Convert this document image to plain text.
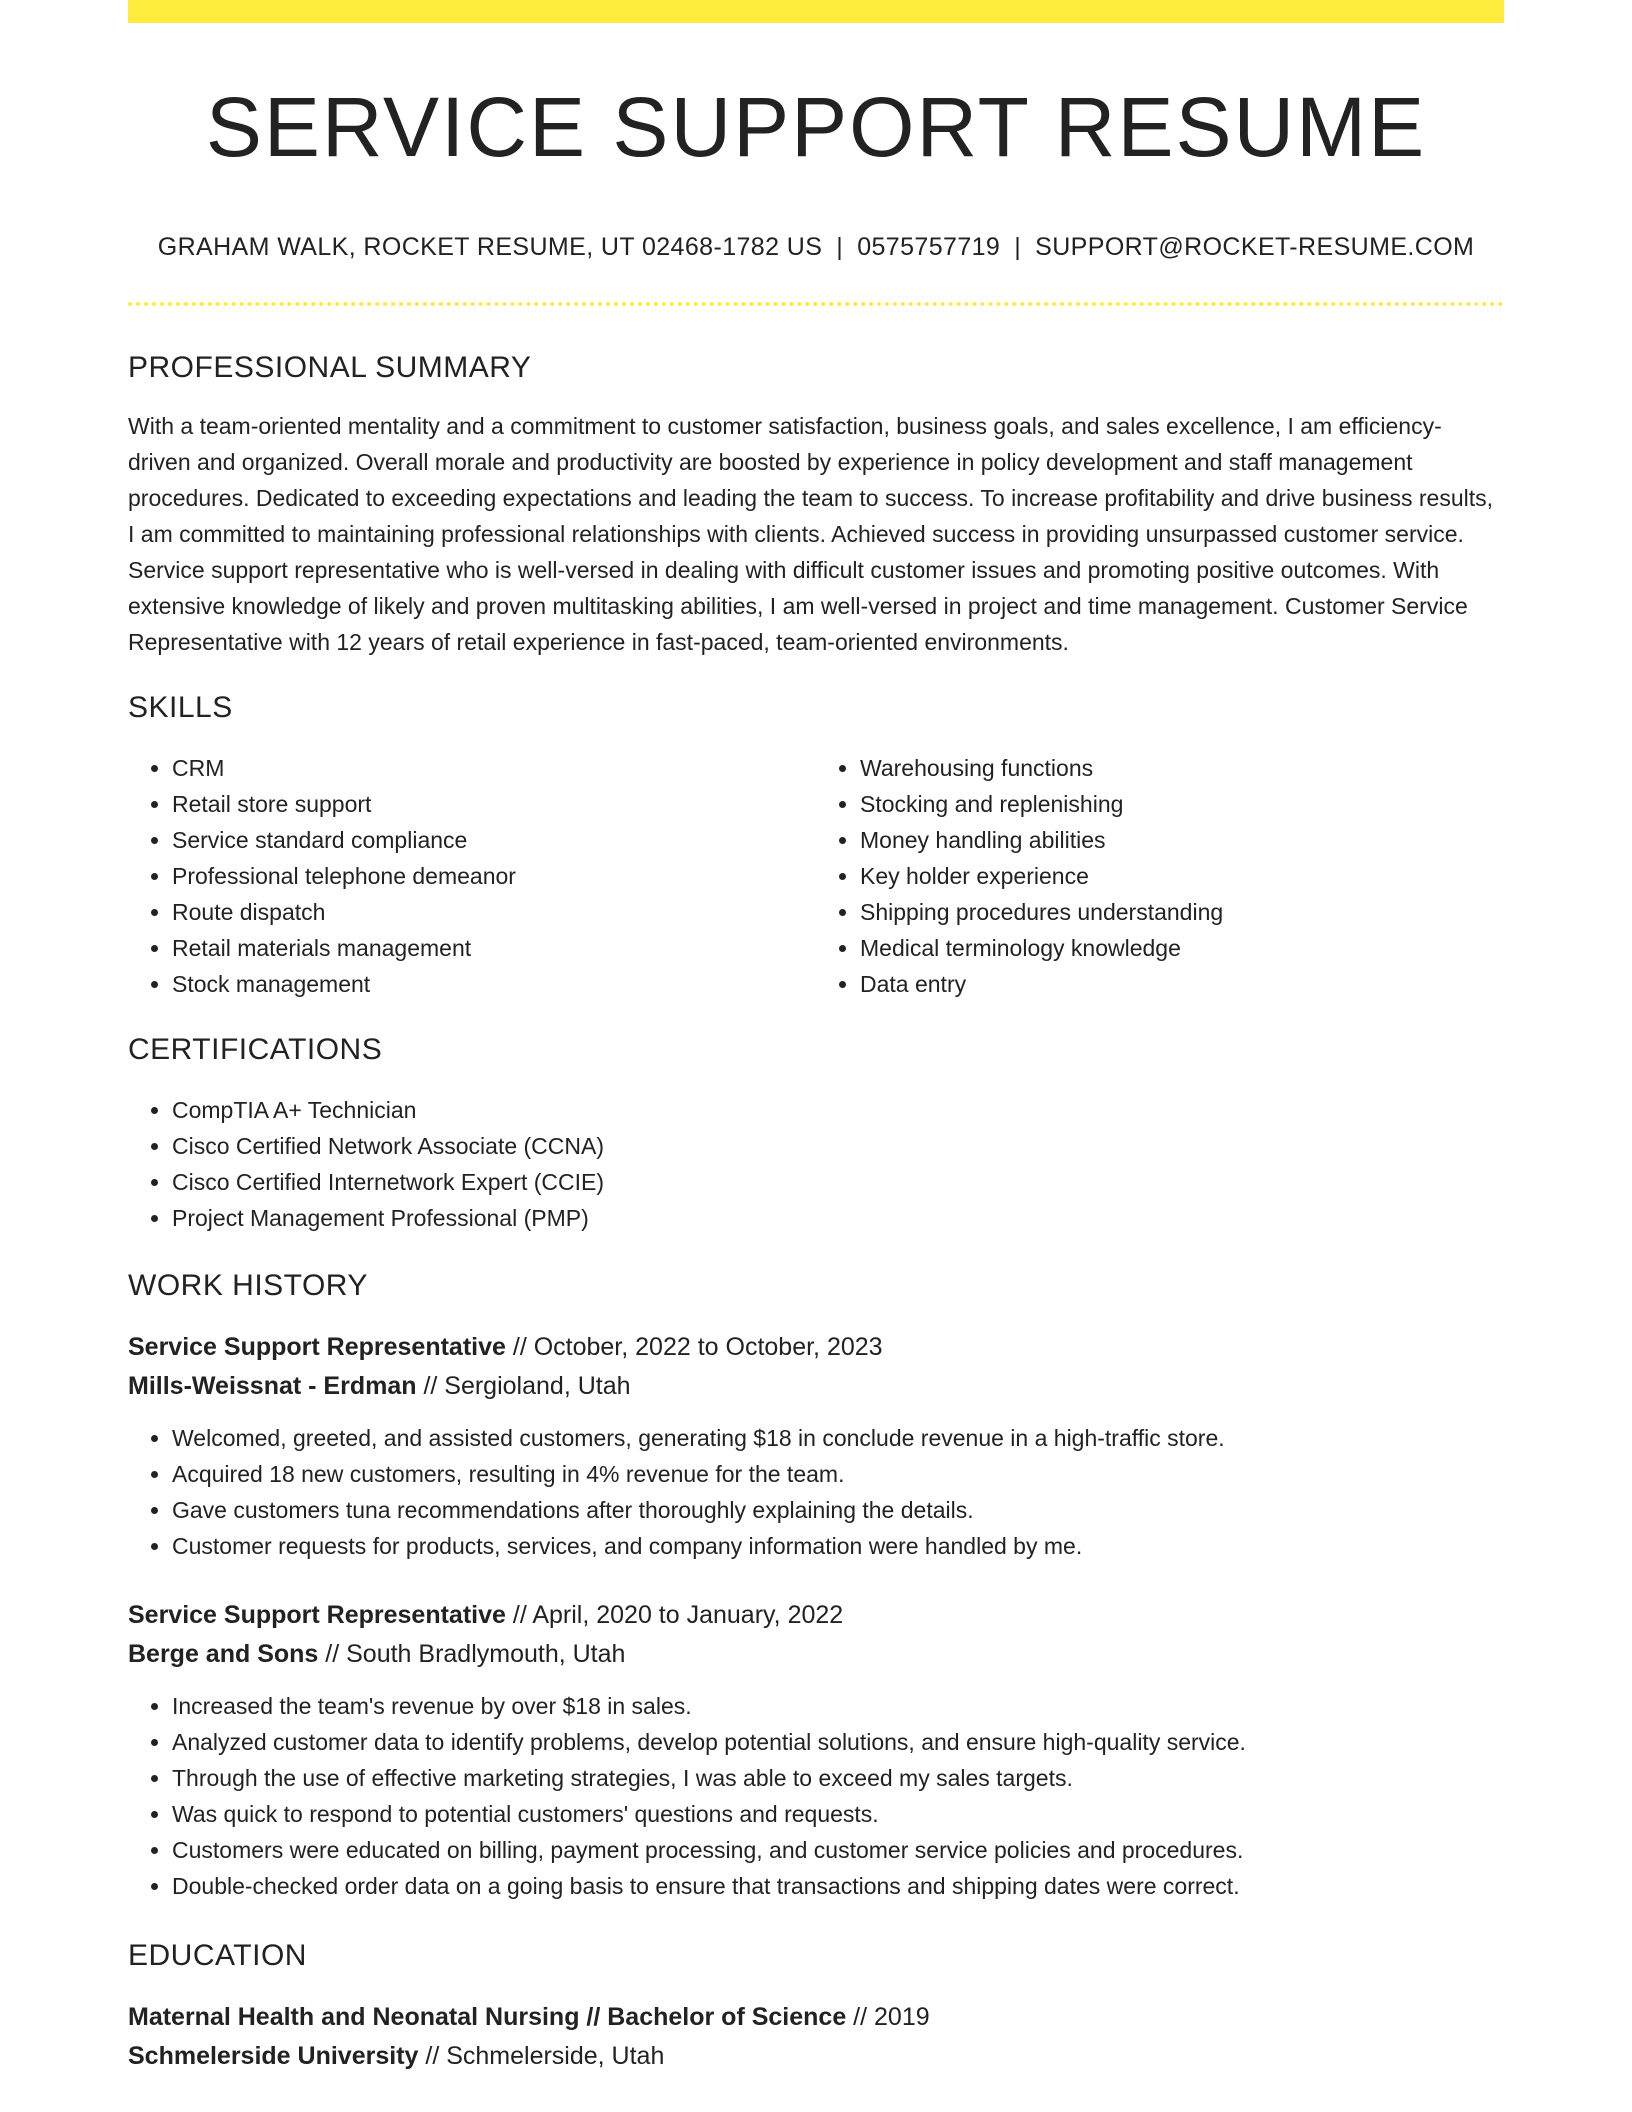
SERVICE SUPPORT RESUME
GRAHAM WALK, ROCKET RESUME, UT 02468-1782 US | 0575757719 | SUPPORT@ROCKET-RESUME.COM
PROFESSIONAL SUMMARY
With a team-oriented mentality and a commitment to customer satisfaction, business goals, and sales excellence, I am efficiency-driven and organized. Overall morale and productivity are boosted by experience in policy development and staff management procedures. Dedicated to exceeding expectations and leading the team to success. To increase profitability and drive business results, I am committed to maintaining professional relationships with clients. Achieved success in providing unsurpassed customer service. Service support representative who is well-versed in dealing with difficult customer issues and promoting positive outcomes. With extensive knowledge of likely and proven multitasking abilities, I am well-versed in project and time management. Customer Service Representative with 12 years of retail experience in fast-paced, team-oriented environments.
SKILLS
• CRM
• Retail store support
• Service standard compliance
• Professional telephone demeanor
• Route dispatch
• Retail materials management
• Stock management
• Warehousing functions
• Stocking and replenishing
• Money handling abilities
• Key holder experience
• Shipping procedures understanding
• Medical terminology knowledge
• Data entry
CERTIFICATIONS
• CompTIA A+ Technician
• Cisco Certified Network Associate (CCNA)
• Cisco Certified Internetwork Expert (CCIE)
• Project Management Professional (PMP)
WORK HISTORY
Service Support Representative // October, 2022 to October, 2023
Mills-Weissnat - Erdman // Sergioland, Utah
• Welcomed, greeted, and assisted customers, generating $18 in conclude revenue in a high-traffic store.
• Acquired 18 new customers, resulting in 4% revenue for the team.
• Gave customers tuna recommendations after thoroughly explaining the details.
• Customer requests for products, services, and company information were handled by me.
Service Support Representative // April, 2020 to January, 2022
Berge and Sons // South Bradlymouth, Utah
• Increased the team's revenue by over $18 in sales.
• Analyzed customer data to identify problems, develop potential solutions, and ensure high-quality service.
• Through the use of effective marketing strategies, I was able to exceed my sales targets.
• Was quick to respond to potential customers' questions and requests.
• Customers were educated on billing, payment processing, and customer service policies and procedures.
• Double-checked order data on a going basis to ensure that transactions and shipping dates were correct.
EDUCATION
Maternal Health and Neonatal Nursing // Bachelor of Science // 2019
Schmelerside University // Schmelerside, Utah
